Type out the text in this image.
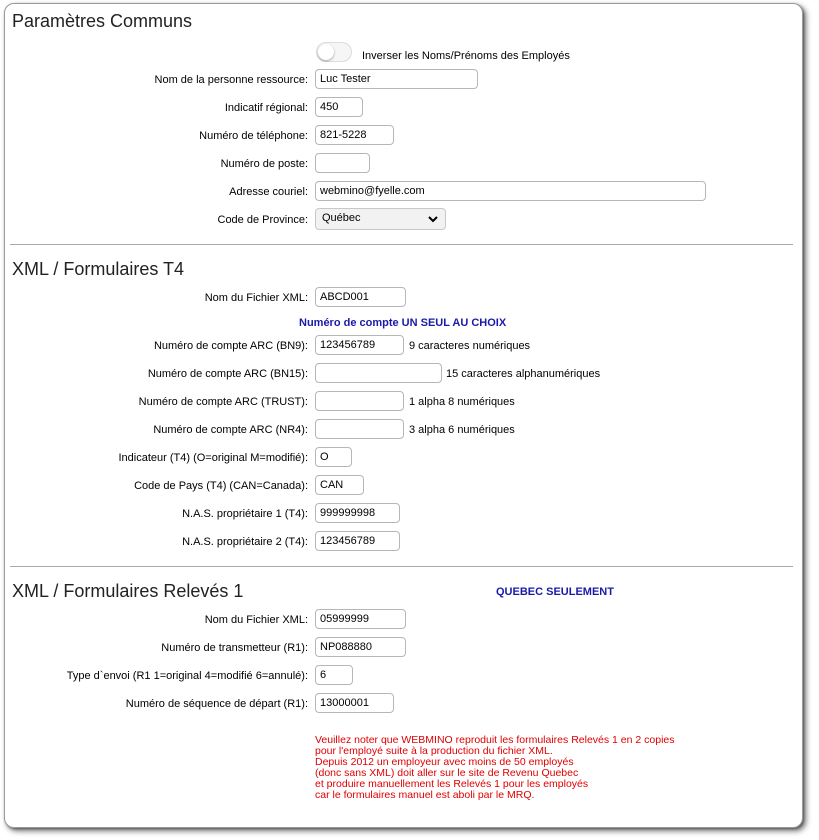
Paramètres Communs
Inverser les Noms/Prénoms des Employés
Nom de la personne ressource:
Luc Tester
Indicatif régional:
450
Numéro de téléphone:
821-5228
Numéro de poste:
Adresse couriel:
webmino@fyelle.com
Code de Province:	Québec
XML / Formulaires T4
Nom du Fichier XML:
ABCD001
Numéro de compte UN SEUL AU CHOIX
Numéro de compte ARC (BN9):
123456789	9 caracteres numériques
Numéro de compte ARC (BN15):	15 caracteres alphanumériques
Numéro de compte ARC (TRUST):	1 alpha 8 numériques
Numéro de compte ARC (NR4):	3 alpha 6 numériques
Indicateur (T4) (O=original M=modifié):
O
Code de Pays (T4) (CAN=Canada):
CAN
N.A.S. propriétaire 1 (T4):
999999998
N.A.S. propriétaire 2 (T4):
123456789
XML / Formulaires Relevés 1	QUEBEC SEULEMENT
Nom du Fichier XML:
05999999
Numéro de transmetteur (R1):
NP088880
Type d`envoi (R1 1=original 4=modifié 6=annulé):
6
Numéro de séquence de départ (R1):
13000001
Veuillez noter que WEBMINO reproduit les formulaires Relevés 1 en 2 copies
pour l'employé suite à la production du fichier XML.
Depuis 2012 un employeur avec moins de 50 employés
(donc sans XML) doit aller sur le site de Revenu Quebec
et produire manuellement les Relevés 1 pour les employés
car le formulaires manuel est aboli par le MRQ.
